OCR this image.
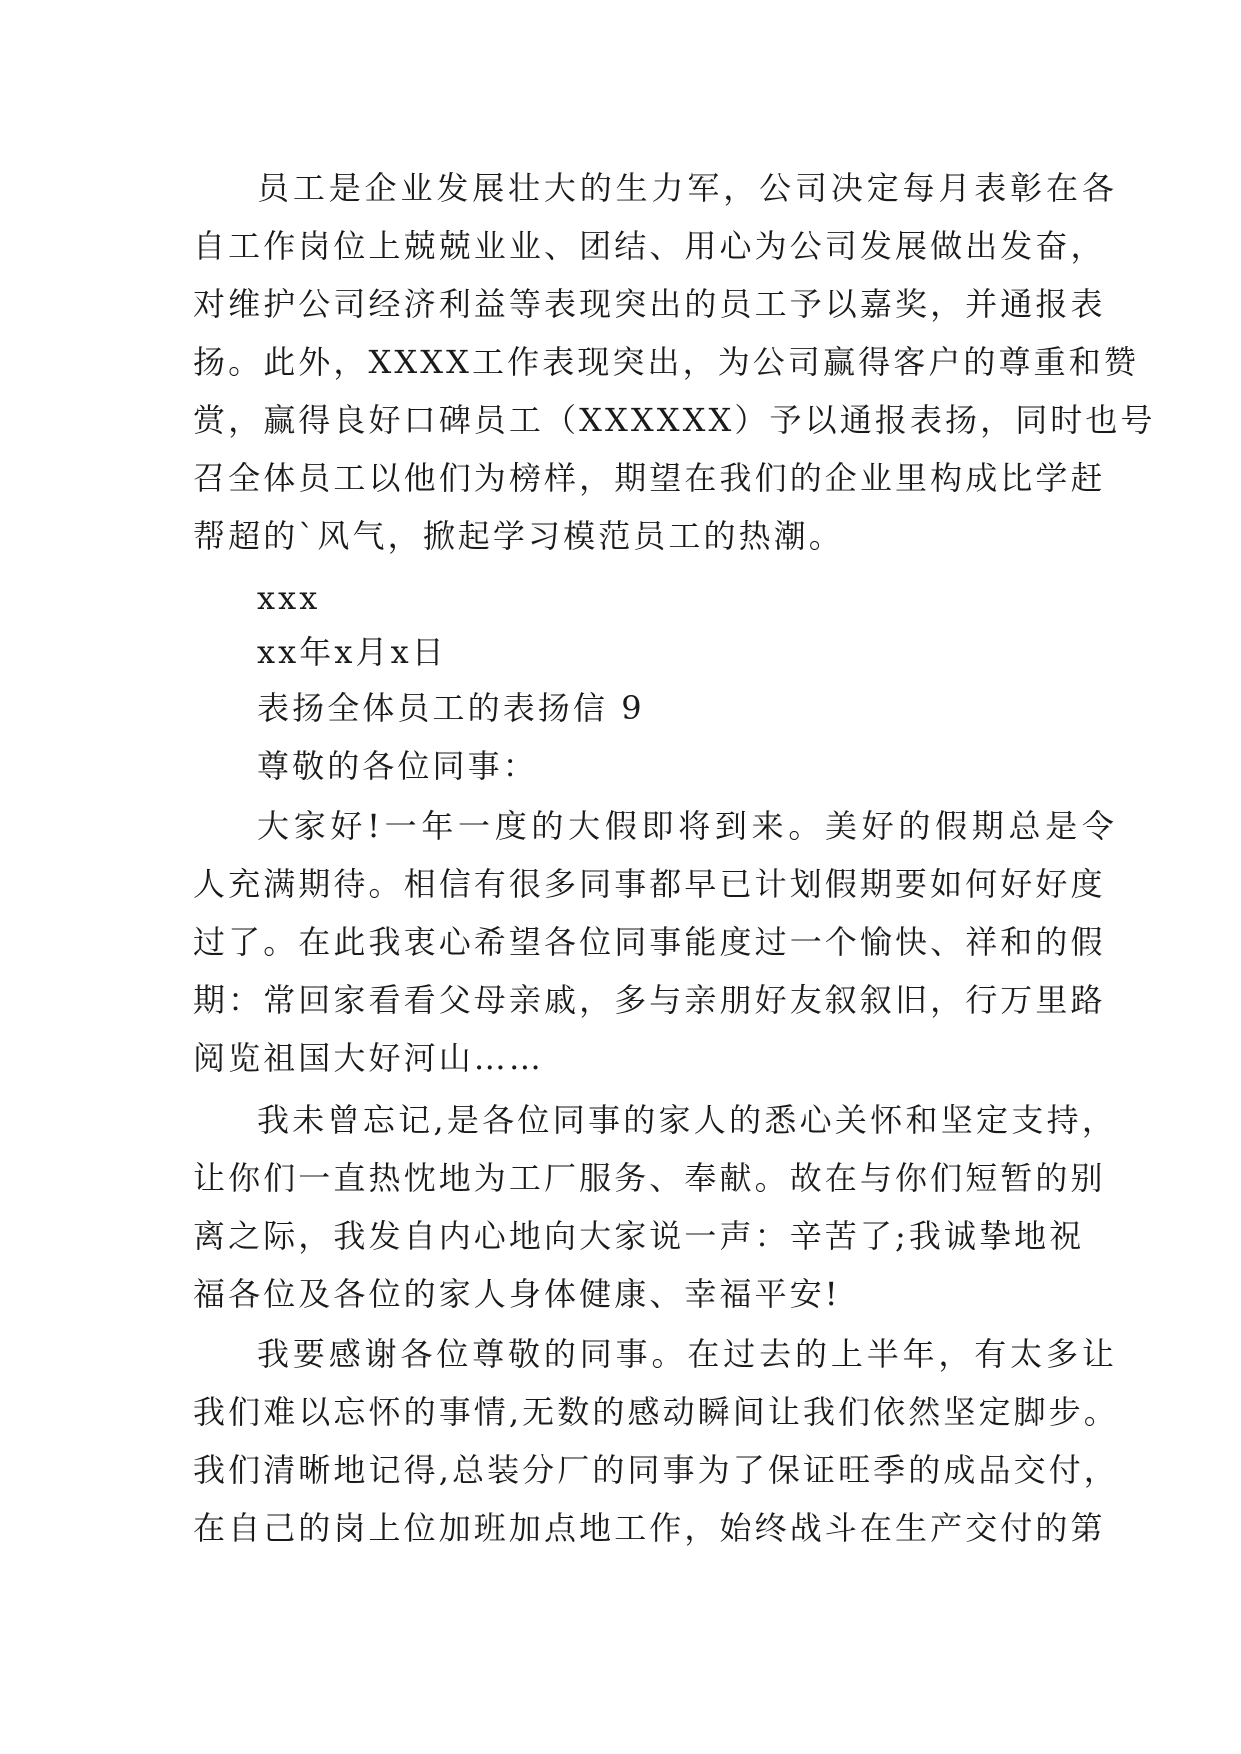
员工是企业发展壮大的生力军，公司决定每月表彰在各
自工作岗位上兢兢业业、团结、用心为公司发展做出发奋，
对维护公司经济利益等表现突出的员工予以嘉奖，并通报表
扬。此外，XXXX工作表现突出，为公司赢得客户的尊重和赞
赏，赢得良好口碑员工（XXXXXX）予以通报表扬，同时也号
召全体员工以他们为榜样，期望在我们的企业里构成比学赶
帮超的`风气，掀起学习模范员工的热潮。
xxx
xx年x月x日
表扬全体员工的表扬信 9
尊敬的各位同事：
大家好!一年一度的大假即将到来。美好的假期总是令
人充满期待。相信有很多同事都早已计划假期要如何好好度
过了。在此我衷心希望各位同事能度过一个愉快、祥和的假
期：常回家看看父母亲戚，多与亲朋好友叙叙旧，行万里路
阅览祖国大好河山……
我未曾忘记,是各位同事的家人的悉心关怀和坚定支持，
让你们一直热忱地为工厂服务、奉献。故在与你们短暂的别
离之际，我发自内心地向大家说一声：辛苦了;我诚挚地祝
福各位及各位的家人身体健康、幸福平安!
我要感谢各位尊敬的同事。在过去的上半年，有太多让
我们难以忘怀的事情,无数的感动瞬间让我们依然坚定脚步。
我们清晰地记得,总装分厂的同事为了保证旺季的成品交付，
在自己的岗上位加班加点地工作，始终战斗在生产交付的第
